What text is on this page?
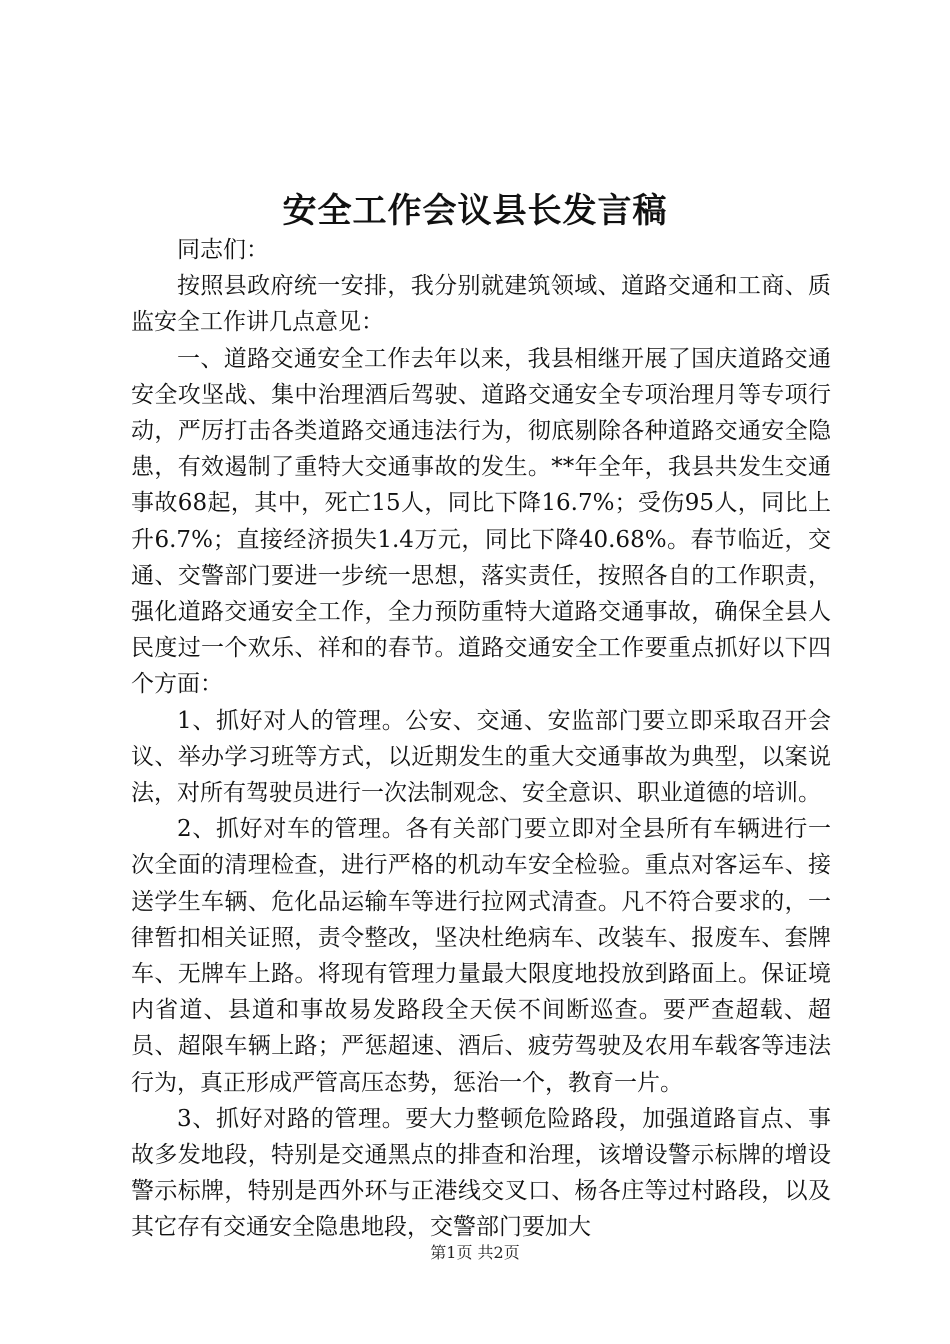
安全工作会议县长发言稿

同志们：

按照县政府统一安排，我分别就建筑领域、道路交通和工商、质监安全工作讲几点意见：

一、道路交通安全工作去年以来，我县相继开展了国庆道路交通安全攻坚战、集中治理酒后驾驶、道路交通安全专项治理月等专项行动，严厉打击各类道路交通违法行为，彻底剔除各种道路交通安全隐患，有效遏制了重特大交通事故的发生。**年全年，我县共发生交通事故68起，其中，死亡15人，同比下降16.7%；受伤95人，同比上升6.7%；直接经济损失1.4万元，同比下降40.68%。春节临近，交通、交警部门要进一步统一思想，落实责任，按照各自的工作职责，强化道路交通安全工作，全力预防重特大道路交通事故，确保全县人民度过一个欢乐、祥和的春节。道路交通安全工作要重点抓好以下四个方面：

1、抓好对人的管理。公安、交通、安监部门要立即采取召开会议、举办学习班等方式，以近期发生的重大交通事故为典型，以案说法，对所有驾驶员进行一次法制观念、安全意识、职业道德的培训。

2、抓好对车的管理。各有关部门要立即对全县所有车辆进行一次全面的清理检查，进行严格的机动车安全检验。重点对客运车、接送学生车辆、危化品运输车等进行拉网式清查。凡不符合要求的，一律暂扣相关证照，责令整改，坚决杜绝病车、改装车、报废车、套牌车、无牌车上路。将现有管理力量最大限度地投放到路面上。保证境内省道、县道和事故易发路段全天侯不间断巡查。要严查超载、超员、超限车辆上路；严惩超速、酒后、疲劳驾驶及农用车载客等违法行为，真正形成严管高压态势，惩治一个，教育一片。

3、抓好对路的管理。要大力整顿危险路段，加强道路盲点、事故多发地段，特别是交通黑点的排查和治理，该增设警示标牌的增设警示标牌，特别是西外环与正港线交叉口、杨各庄等过村路段，以及其它存有交通安全隐患地段，交警部门要加大

第1页 共2页
